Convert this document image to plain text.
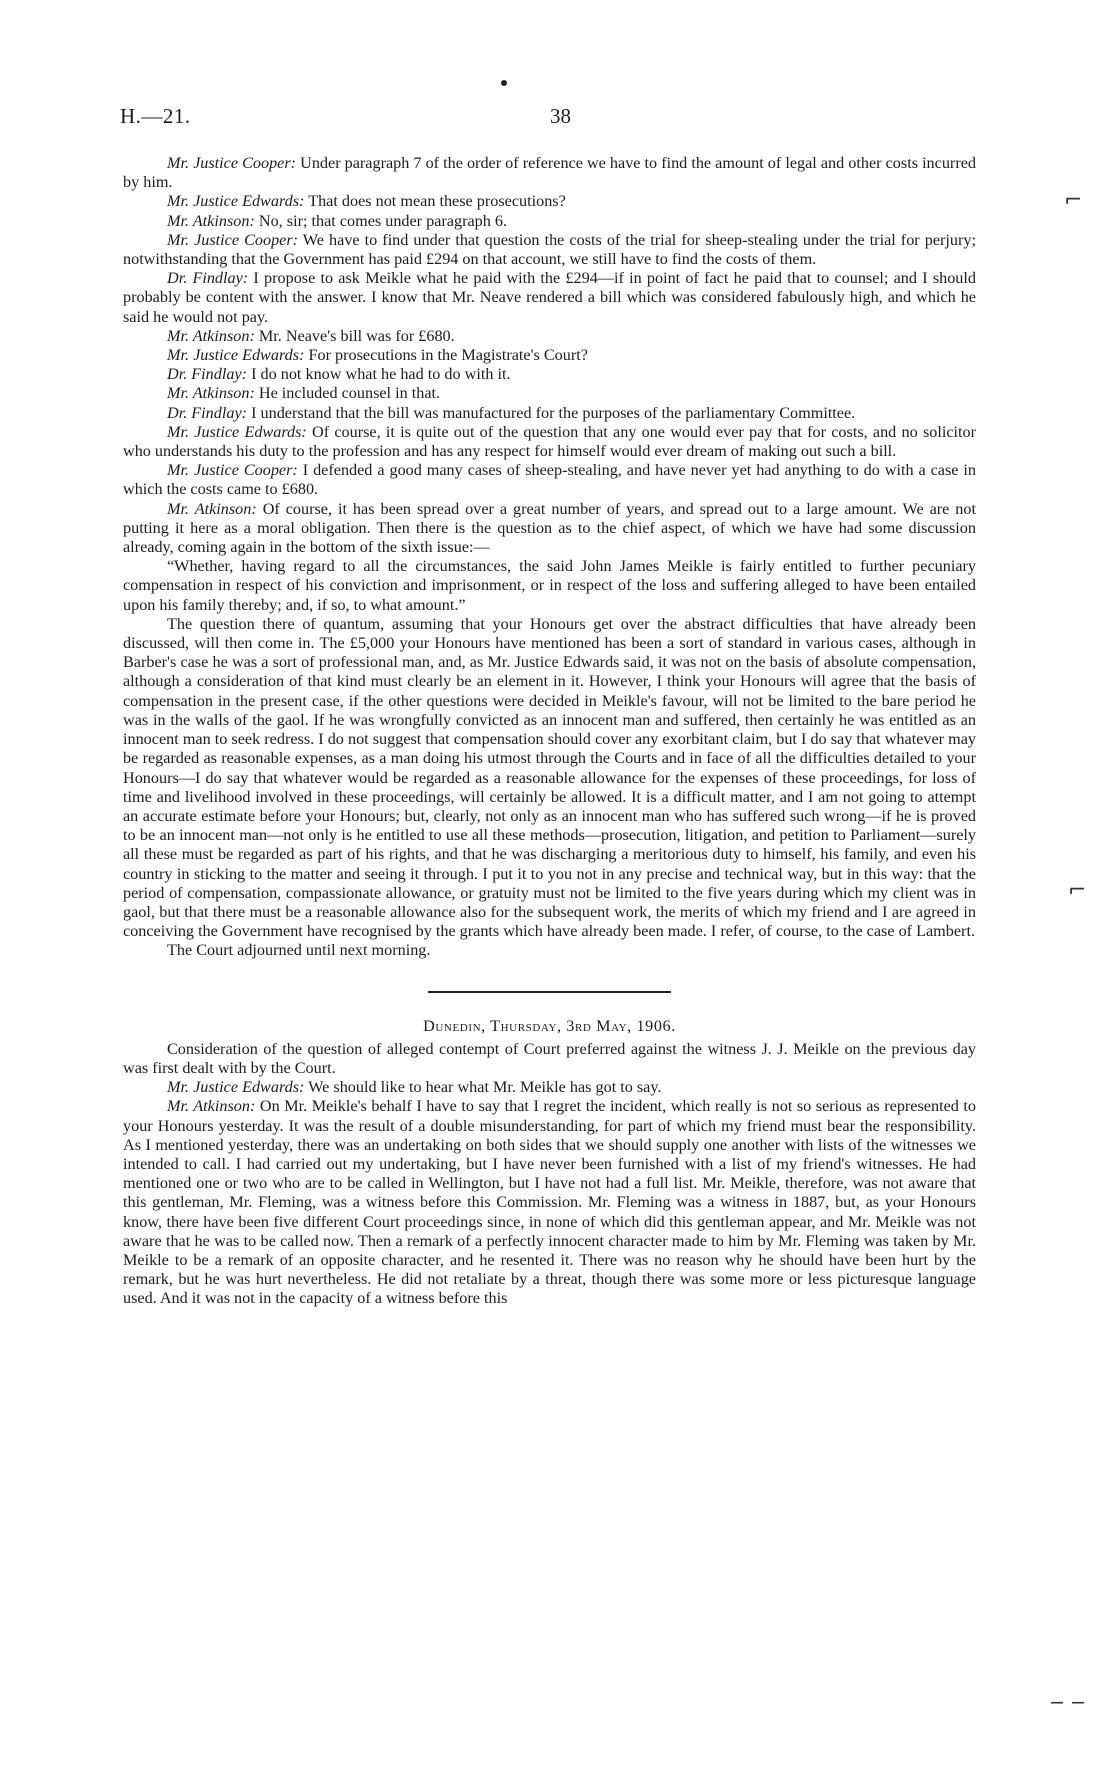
H.—21.	38
⌐
⌐
‒ ‒

Mr. Justice Cooper: Under paragraph 7 of the order of reference we have to find the amount of legal and other costs incurred by him.

Mr. Justice Edwards: That does not mean these prosecutions?

Mr. Atkinson: No, sir; that comes under paragraph 6.

Mr. Justice Cooper: We have to find under that question the costs of the trial for sheep-stealing under the trial for perjury; notwithstanding that the Government has paid £294 on that account, we still have to find the costs of them.

Dr. Findlay: I propose to ask Meikle what he paid with the £294—if in point of fact he paid that to counsel; and I should probably be content with the answer. I know that Mr. Neave rendered a bill which was considered fabulously high, and which he said he would not pay.

Mr. Atkinson: Mr. Neave's bill was for £680.

Mr. Justice Edwards: For prosecutions in the Magistrate's Court?

Dr. Findlay: I do not know what he had to do with it.

Mr. Atkinson: He included counsel in that.

Dr. Findlay: I understand that the bill was manufactured for the purposes of the parliamentary Committee.

Mr. Justice Edwards: Of course, it is quite out of the question that any one would ever pay that for costs, and no solicitor who understands his duty to the profession and has any respect for himself would ever dream of making out such a bill.

Mr. Justice Cooper: I defended a good many cases of sheep-stealing, and have never yet had anything to do with a case in which the costs came to £680.

Mr. Atkinson: Of course, it has been spread over a great number of years, and spread out to a large amount. We are not putting it here as a moral obligation. Then there is the question as to the chief aspect, of which we have had some discussion already, coming again in the bottom of the sixth issue:—

“Whether, having regard to all the circumstances, the said John James Meikle is fairly entitled to further pecuniary compensation in respect of his conviction and imprisonment, or in respect of the loss and suffering alleged to have been entailed upon his family thereby; and, if so, to what amount.”

The question there of quantum, assuming that your Honours get over the abstract difficulties that have already been discussed, will then come in. The £5,000 your Honours have mentioned has been a sort of standard in various cases, although in Barber's case he was a sort of professional man, and, as Mr. Justice Edwards said, it was not on the basis of absolute compensation, although a consideration of that kind must clearly be an element in it. However, I think your Honours will agree that the basis of compensation in the present case, if the other questions were decided in Meikle's favour, will not be limited to the bare period he was in the walls of the gaol. If he was wrongfully convicted as an innocent man and suffered, then certainly he was entitled as an innocent man to seek redress. I do not suggest that compensation should cover any exorbitant claim, but I do say that whatever may be regarded as reasonable expenses, as a man doing his utmost through the Courts and in face of all the difficulties detailed to your Honours—I do say that whatever would be regarded as a reasonable allowance for the expenses of these proceedings, for loss of time and livelihood involved in these proceedings, will certainly be allowed. It is a difficult matter, and I am not going to attempt an accurate estimate before your Honours; but, clearly, not only as an innocent man who has suffered such wrong—if he is proved to be an innocent man—not only is he entitled to use all these methods—prosecution, litigation, and petition to Parliament—surely all these must be regarded as part of his rights, and that he was discharging a meritorious duty to himself, his family, and even his country in sticking to the matter and seeing it through. I put it to you not in any precise and technical way, but in this way: that the period of compensation, compassionate allowance, or gratuity must not be limited to the five years during which my client was in gaol, but that there must be a reasonable allowance also for the subsequent work, the merits of which my friend and I are agreed in conceiving the Government have recognised by the grants which have already been made. I refer, of course, to the case of Lambert.

The Court adjourned until next morning.

Dunedin, Thursday, 3rd May, 1906.

Consideration of the question of alleged contempt of Court preferred against the witness J. J. Meikle on the previous day was first dealt with by the Court.

Mr. Justice Edwards: We should like to hear what Mr. Meikle has got to say.

Mr. Atkinson: On Mr. Meikle's behalf I have to say that I regret the incident, which really is not so serious as represented to your Honours yesterday. It was the result of a double misunderstanding, for part of which my friend must bear the responsibility. As I mentioned yesterday, there was an undertaking on both sides that we should supply one another with lists of the witnesses we intended to call. I had carried out my undertaking, but I have never been furnished with a list of my friend's witnesses. He had mentioned one or two who are to be called in Wellington, but I have not had a full list. Mr. Meikle, therefore, was not aware that this gentleman, Mr. Fleming, was a witness before this Commission. Mr. Fleming was a witness in 1887, but, as your Honours know, there have been five different Court proceedings since, in none of which did this gentleman appear, and Mr. Meikle was not aware that he was to be called now. Then a remark of a perfectly innocent character made to him by Mr. Fleming was taken by Mr. Meikle to be a remark of an opposite character, and he resented it. There was no reason why he should have been hurt by the remark, but he was hurt nevertheless. He did not retaliate by a threat, though there was some more or less picturesque language used. And it was not in the capacity of a witness before this
